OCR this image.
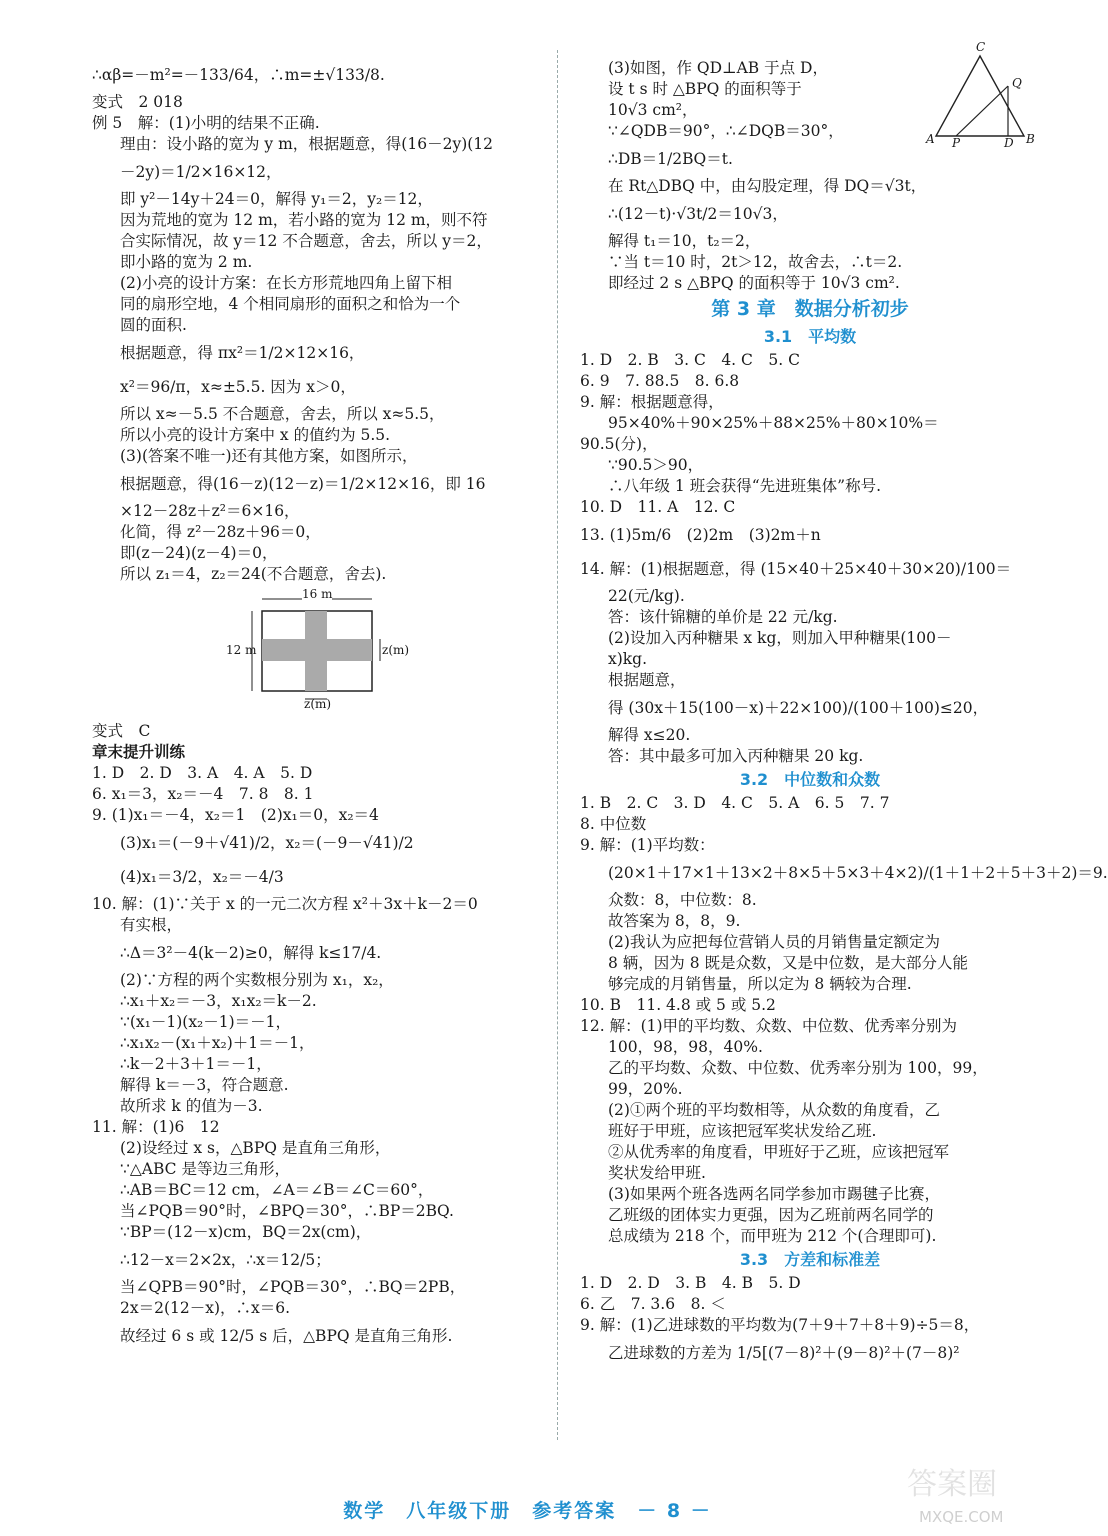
∴αβ=－m²=－133/64，∴m=±√133/8.
变式　2 018
例 5　解：(1)小明的结果不正确.
理由：设小路的宽为 y m，根据题意，得(16－2y)(12
－2y)＝1/2×16×12，
即 y²－14y＋24＝0，解得 y₁＝2，y₂＝12，
因为荒地的宽为 12 m，若小路的宽为 12 m，则不符
合实际情况，故 y＝12 不合题意，舍去，所以 y＝2，
即小路的宽为 2 m.
(2)小亮的设计方案：在长方形荒地四角上留下相
同的扇形空地，4 个相同扇形的面积之和恰为一个
圆的面积.
根据题意，得 πx²＝1/2×12×16，
x²＝96/π，x≈±5.5. 因为 x＞0，
所以 x≈－5.5 不合题意，舍去，所以 x≈5.5，
所以小亮的设计方案中 x 的值约为 5.5.
(3)(答案不唯一)还有其他方案，如图所示，
根据题意，得(16－z)(12－z)＝1/2×12×16，即 16
×12－28z＋z²＝6×16，
化简，得 z²－28z＋96＝0，
即(z－24)(z－4)＝0，
所以 z₁＝4，z₂＝24(不合题意，舍去).
16 m
12 m	z(m)
z(m)
变式　C
章末提升训练
1. D　2. D　3. A　4. A　5. D
6. x₁＝3，x₂＝－4　7. 8　8. 1
9. (1)x₁＝－4，x₂＝1　(2)x₁＝0，x₂＝4
(3)x₁＝(－9＋√41)/2，x₂＝(－9－√41)/2
(4)x₁＝3/2，x₂＝－4/3
10. 解：(1)∵关于 x 的一元二次方程 x²＋3x＋k－2＝0
有实根，
∴Δ＝3²－4(k－2)≥0，解得 k≤17/4.
(2)∵方程的两个实数根分别为 x₁，x₂，
∴x₁＋x₂＝－3，x₁x₂＝k－2.
∵(x₁－1)(x₂－1)＝－1，
∴x₁x₂－(x₁＋x₂)＋1＝－1，
∴k－2＋3＋1＝－1，
解得 k＝－3，符合题意.
故所求 k 的值为－3.
11. 解：(1)6　12
(2)设经过 x s，△BPQ 是直角三角形，
∵△ABC 是等边三角形，
∴AB＝BC＝12 cm，∠A＝∠B＝∠C＝60°，
当∠PQB＝90°时，∠BPQ＝30°，∴BP＝2BQ.
∵BP＝(12－x)cm，BQ＝2x(cm)，
∴12－x＝2×2x，∴x＝12/5；
当∠QPB＝90°时，∠PQB＝30°，∴BQ＝2PB，
2x＝2(12－x)，∴x＝6.
故经过 6 s 或 12/5 s 后，△BPQ 是直角三角形.
(3)如图，作 QD⊥AB 于点 D，
设 t s 时 △BPQ 的面积等于
10√3 cm²，
∵∠QDB＝90°，∴∠DQB＝30°，
∴DB＝1/2BQ＝t.
在 Rt△DBQ 中，由勾股定理，得 DQ＝√3t，
∴(12－t)·√3t/2＝10√3，
解得 t₁＝10，t₂＝2，
∵当 t＝10 时，2t＞12，故舍去，∴t＝2.
即经过 2 s △BPQ 的面积等于 10√3 cm².
第 3 章　数据分析初步
3.1　平均数
1. D　2. B　3. C　4. C　5. C
6. 9　7. 88.5　8. 6.8
9. 解：根据题意得，
95×40%＋90×25%＋88×25%＋80×10%＝
90.5(分)，
∵90.5＞90，
∴八年级 1 班会获得“先进班集体”称号.
10. D　11. A　12. C
13. (1)5m/6　(2)2m　(3)2m＋n
14. 解：(1)根据题意，得 (15×40＋25×40＋30×20)/100＝
22(元/kg).
答：该什锦糖的单价是 22 元/kg.
(2)设加入丙种糖果 x kg，则加入甲种糖果(100－
x)kg.
根据题意，
得 (30x＋15(100－x)＋22×100)/(100＋100)≤20，
解得 x≤20.
答：其中最多可加入丙种糖果 20 kg.
3.2　中位数和众数
1. B　2. C　3. D　4. C　5. A　6. 5　7. 7
8. 中位数
9. 解：(1)平均数：
(20×1＋17×1＋13×2＋8×5＋5×3＋4×2)/(1＋1＋2＋5＋3＋2)＝9.
众数：8，中位数：8.
故答案为 8，8，9.
(2)我认为应把每位营销人员的月销售量定额定为
8 辆，因为 8 既是众数，又是中位数，是大部分人能
够完成的月销售量，所以定为 8 辆较为合理.
10. B　11. 4.8 或 5 或 5.2
12. 解：(1)甲的平均数、众数、中位数、优秀率分别为
100，98，98，40%.
乙的平均数、众数、中位数、优秀率分别为 100，99，
99，20%.
(2)①两个班的平均数相等，从众数的角度看，乙
班好于甲班，应该把冠军奖状发给乙班.
②从优秀率的角度看，甲班好于乙班，应该把冠军
奖状发给甲班.
(3)如果两个班各选两名同学参加市踢毽子比赛，
乙班级的团体实力更强，因为乙班前两名同学的
总成绩为 218 个，而甲班为 212 个(合理即可).
3.3　方差和标准差
1. D　2. D　3. B　4. B　5. D
6. 乙　7. 3.6　8. ＜
9. 解：(1)乙进球数的平均数为(7＋9＋7＋8＋9)÷5＝8，
乙进球数的方差为 1/5[(7－8)²＋(9－8)²＋(7－8)²
C
A	B
P	D
Q
数学　八年级下册　参考答案　－ 8 －
答案圈
MXQE.COM
